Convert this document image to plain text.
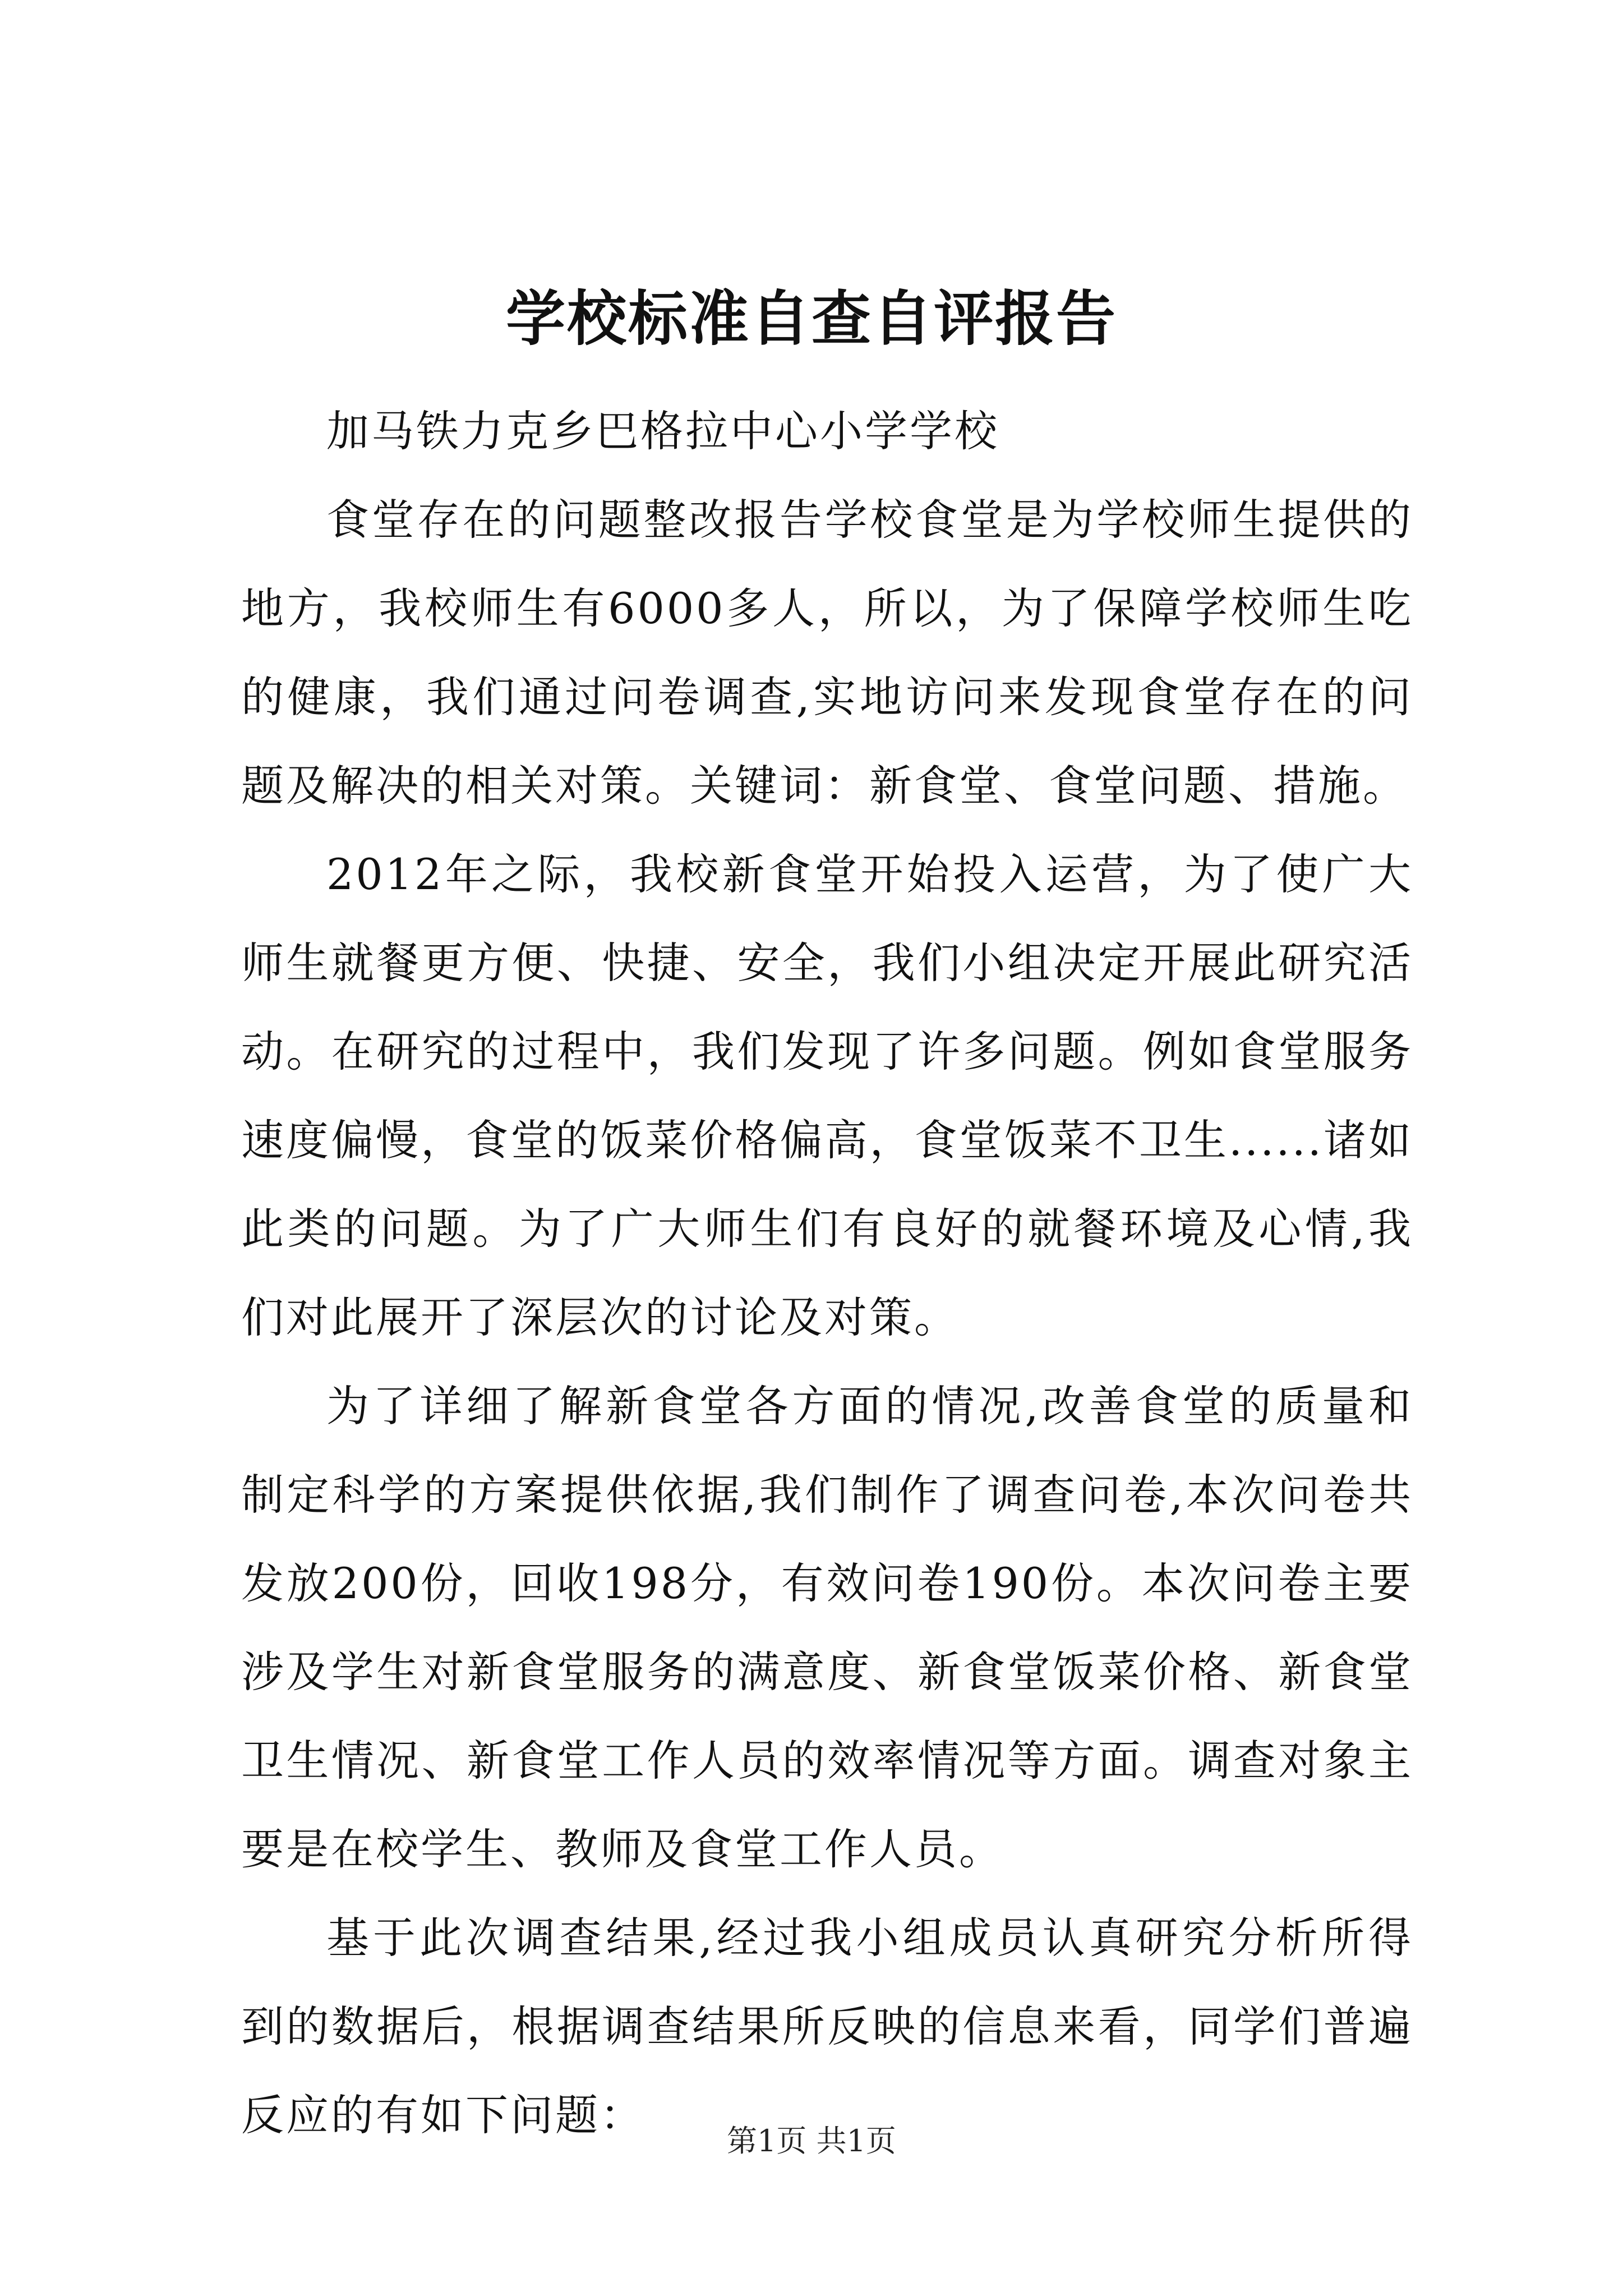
学校标准自查自评报告

加马铁力克乡巴格拉中心小学学校

食堂存在的问题整改报告学校食堂是为学校师生提供的地方，我校师生有6000多人，所以，为了保障学校师生吃的健康，我们通过问卷调查,实地访问来发现食堂存在的问题及解决的相关对策。关键词：新食堂、食堂问题、措施。

2012年之际，我校新食堂开始投入运营，为了使广大师生就餐更方便、快捷、安全，我们小组决定开展此研究活动。在研究的过程中，我们发现了许多问题。例如食堂服务速度偏慢，食堂的饭菜价格偏高，食堂饭菜不卫生......诸如此类的问题。为了广大师生们有良好的就餐环境及心情,我们对此展开了深层次的讨论及对策。

为了详细了解新食堂各方面的情况,改善食堂的质量和制定科学的方案提供依据,我们制作了调查问卷,本次问卷共发放200份，回收198分，有效问卷190份。本次问卷主要涉及学生对新食堂服务的满意度、新食堂饭菜价格、新食堂卫生情况、新食堂工作人员的效率情况等方面。调查对象主要是在校学生、教师及食堂工作人员。

基于此次调查结果,经过我小组成员认真研究分析所得到的数据后，根据调查结果所反映的信息来看，同学们普遍反应的有如下问题：

第1页 共1页
